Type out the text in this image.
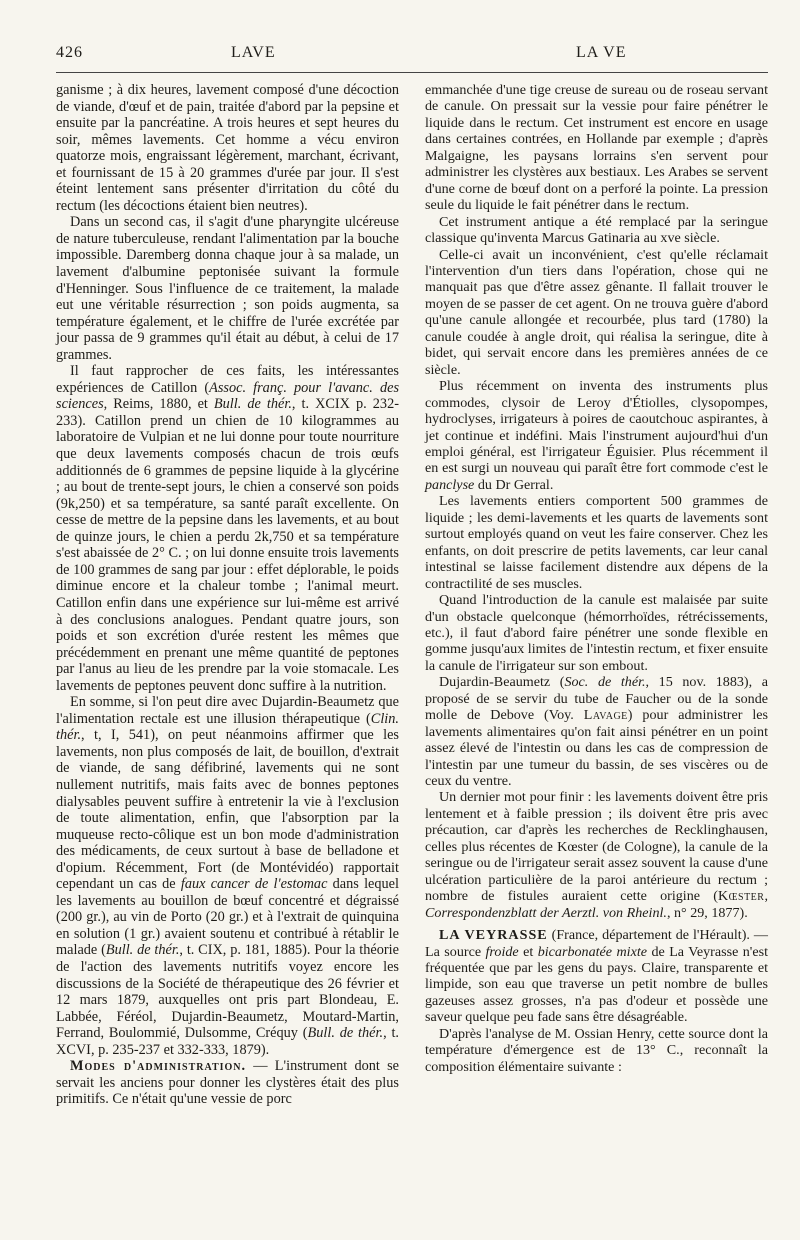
426	LAVE	LA VE

ganisme ; à dix heures, lavement composé d'une décoction de viande, d'œuf et de pain, traitée d'abord par la pepsine et ensuite par la pancréatine. A trois heures et sept heures du soir, mêmes lavements. Cet homme a vécu environ quatorze mois, engraissant légèrement, marchant, écrivant, et fournissant de 15 à 20 grammes d'urée par jour. Il s'est éteint lentement sans présenter d'irritation du côté du rectum (les décoctions étaient bien neutres).

Dans un second cas, il s'agit d'une pharyngite ulcéreuse de nature tuberculeuse, rendant l'alimentation par la bouche impossible. Daremberg donna chaque jour à sa malade, un lavement d'albumine peptonisée suivant la formule d'Henninger. Sous l'influence de ce traitement, la malade eut une véritable résurrection ; son poids augmenta, sa température également, et le chiffre de l'urée excrétée par jour passa de 9 grammes qu'il était au début, à celui de 17 grammes.

Il faut rapprocher de ces faits, les intéressantes expériences de Catillon (Assoc. franç. pour l'avanc. des sciences, Reims, 1880, et Bull. de thér., t. XCIX p. 232-233). Catillon prend un chien de 10 kilogrammes au laboratoire de Vulpian et ne lui donne pour toute nourriture que deux lavements composés chacun de trois œufs additionnés de 6 grammes de pepsine liquide à la glycérine ; au bout de trente-sept jours, le chien a conservé son poids (9k,250) et sa température, sa santé paraît excellente. On cesse de mettre de la pepsine dans les lavements, et au bout de quinze jours, le chien a perdu 2k,750 et sa température s'est abaissée de 2° C. ; on lui donne ensuite trois lavements de 100 grammes de sang par jour : effet déplorable, le poids diminue encore et la chaleur tombe ; l'animal meurt. Catillon enfin dans une expérience sur lui-même est arrivé à des conclusions analogues. Pendant quatre jours, son poids et son excrétion d'urée restent les mêmes que précédemment en prenant une même quantité de peptones par l'anus au lieu de les prendre par la voie stomacale. Les lavements de peptones peuvent donc suffire à la nutrition.

En somme, si l'on peut dire avec Dujardin-Beaumetz que l'alimentation rectale est une illusion thérapeutique (Clin. thér., t, I, 541), on peut néanmoins affirmer que les lavements, non plus composés de lait, de bouillon, d'extrait de viande, de sang défibriné, lavements qui ne sont nullement nutritifs, mais faits avec de bonnes peptones dialysables peuvent suffire à entretenir la vie à l'exclusion de toute alimentation, enfin, que l'absorption par la muqueuse recto-côlique est un bon mode d'administration des médicaments, de ceux surtout à base de belladone et d'opium. Récemment, Fort (de Montévidéo) rapportait cependant un cas de faux cancer de l'estomac dans lequel les lavements au bouillon de bœuf concentré et dégraissé (200 gr.), au vin de Porto (20 gr.) et à l'extrait de quinquina en solution (1 gr.) avaient soutenu et contribué à rétablir le malade (Bull. de thér., t. CIX, p. 181, 1885). Pour la théorie de l'action des lavements nutritifs voyez encore les discussions de la Société de thérapeutique des 26 février et 12 mars 1879, auxquelles ont pris part Blondeau, E. Labbée, Féréol, Dujardin-Beaumetz, Moutard-Martin, Ferrand, Boulommié, Dulsomme, Créquy (Bull. de thér., t. XCVI, p. 235-237 et 332-333, 1879).

Modes d'administration. — L'instrument dont se servait les anciens pour donner les clystères était des plus primitifs. Ce n'était qu'une vessie de porc

emmanchée d'une tige creuse de sureau ou de roseau servant de canule. On pressait sur la vessie pour faire pénétrer le liquide dans le rectum. Cet instrument est encore en usage dans certaines contrées, en Hollande par exemple ; d'après Malgaigne, les paysans lorrains s'en servent pour administrer les clystères aux bestiaux. Les Arabes se servent d'une corne de bœuf dont on a perforé la pointe. La pression seule du liquide le fait pénétrer dans le rectum.

Cet instrument antique a été remplacé par la seringue classique qu'inventa Marcus Gatinaria au xve siècle.

Celle-ci avait un inconvénient, c'est qu'elle réclamait l'intervention d'un tiers dans l'opération, chose qui ne manquait pas que d'être assez gênante. Il fallait trouver le moyen de se passer de cet agent. On ne trouva guère d'abord qu'une canule allongée et recourbée, plus tard (1780) la canule coudée à angle droit, qui réalisa la seringue, dite à bidet, qui servait encore dans les premières années de ce siècle.

Plus récemment on inventa des instruments plus commodes, clysoir de Leroy d'Étiolles, clysopompes, hydroclyses, irrigateurs à poires de caoutchouc aspirantes, à jet continue et indéfini. Mais l'instrument aujourd'hui d'un emploi général, est l'irrigateur Éguisier. Plus récemment il en est surgi un nouveau qui paraît être fort commode c'est le panclyse du Dr Gerral.

Les lavements entiers comportent 500 grammes de liquide ; les demi-lavements et les quarts de lavements sont surtout employés quand on veut les faire conserver. Chez les enfants, on doit prescrire de petits lavements, car leur canal intestinal se laisse facilement distendre aux dépens de la contractilité de ses muscles.

Quand l'introduction de la canule est malaisée par suite d'un obstacle quelconque (hémorrhoïdes, rétrécissements, etc.), il faut d'abord faire pénétrer une sonde flexible en gomme jusqu'aux limites de l'intestin rectum, et fixer ensuite la canule de l'irrigateur sur son embout.

Dujardin-Beaumetz (Soc. de thér., 15 nov. 1883), a proposé de se servir du tube de Faucher ou de la sonde molle de Debove (Voy. Lavage) pour administrer les lavements alimentaires qu'on fait ainsi pénétrer en un point assez élevé de l'intestin ou dans les cas de compression de l'intestin par une tumeur du bassin, de ses viscères ou de ceux du ventre.

Un dernier mot pour finir : les lavements doivent être pris lentement et à faible pression ; ils doivent être pris avec précaution, car d'après les recherches de Recklinghausen, celles plus récentes de Kœster (de Cologne), la canule de la seringue ou de l'irrigateur serait assez souvent la cause d'une ulcération particulière de la paroi antérieure du rectum ; nombre de fistules auraient cette origine (Kœster, Correspondenzblatt der Aerztl. von Rheinl., n° 29, 1877).

LA VEYRASSE (France, département de l'Hérault). — La source froide et bicarbonatée mixte de La Veyrasse n'est fréquentée que par les gens du pays. Claire, transparente et limpide, son eau que traverse un petit nombre de bulles gazeuses assez grosses, n'a pas d'odeur et possède une saveur quelque peu fade sans être désagréable.

D'après l'analyse de M. Ossian Henry, cette source dont la température d'émergence est de 13° C., reconnaît la composition élémentaire suivante :
